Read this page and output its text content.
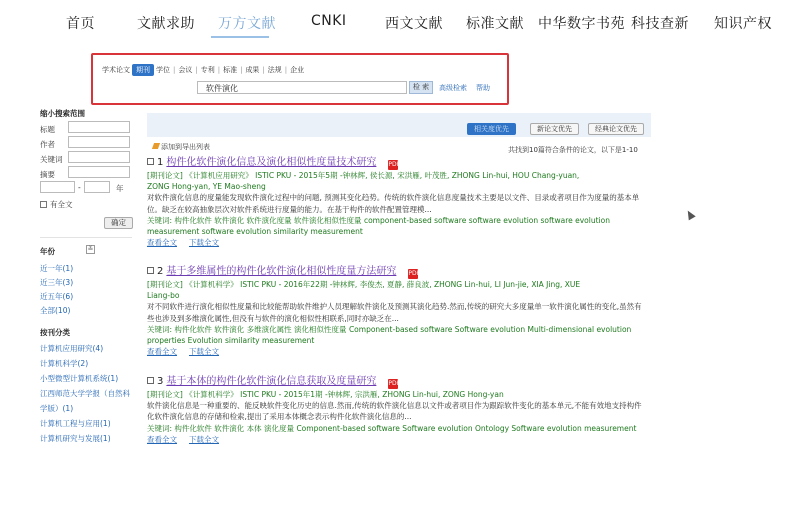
首页	文献求助 万方文献	CNKI	西文文献 标准文献 中华数字书苑 科技查新 知识产权
学术论文 期刊 学位 | 会议 | 专利 | 标准 | 成果 | 法规 | 企业
软件演化	检 索	高级检索 帮助
缩小搜索范围
标题
作者
关键词
摘要
-	年
有全文
确定
年份	≚
近一年(1)
近三年(3)
近五年(6)
全部(10)
按刊分类
计算机应用研究(4)
计算机科学(2)
小型微型计算机系统(1)
江西师范大学学报（自然科
学版）(1)
计算机工程与应用(1)
计算机研究与发展(1)
相关度优先	新论文优先	经典论文优先
添加到导出列表	共找到10篇符合条件的论文，以下是1-10
1 构件化软件演化信息及演化相似性度量技术研究 PDF
[期刊论文] 《计算机应用研究》 ISTIC PKU - 2015年5期 -钟林辉, 侯长源, 宋洪雁, 叶茂胜, ZHONG Lin-hui, HOU Chang-yuan,
ZONG Hong-yan, YE Mao-sheng
对软件演化信息的度量能发现软件演化过程中的问题, 预测其变化趋势。传统的软件演化信息度量技术主要是以文件、目录或者项目作为度量的基本单位。缺乏在较高抽象层次对软件系统进行度量的能力。在基于构件的软件配置管理模...
关键词: 构件化软件 软件演化 软件演化度量 软件演化相似性度量 component-based software software evolution software evolution measurement software evolution similarity measurement
查看全文 下载全文
2 基于多维属性的构件化软件演化相似性度量方法研究 PDF
[期刊论文] 《计算机科学》 ISTIC PKU - 2016年22期 -钟林辉, 李俊杰, 夏静, 薛良波, ZHONG Lin-hui, LI Jun-jie, XIA Jing, XUE
Liang-bo
对不同软件进行演化相似性度量和比较能帮助软件维护人员理解软件演化及预测其演化趋势.然而,传统的研究大多度量单一软件演化属性的变化,虽然有些也涉及到多维演化属性,但没有与软件的演化相似性相联系,同时亦缺乏在...
关键词: 构件化软件 软件演化 多维演化属性 演化相似性度量 Component-based software Software evolution Multi-dimensional evolution properties Evolution similarity measurement
查看全文 下载全文
3 基于本体的构件化软件演化信息获取及度量研究 PDF
[期刊论文] 《计算机科学》 ISTIC PKU - 2015年1期 -钟林辉, 宗洪雁, ZHONG Lin-hui, ZONG Hong-yan
软件演化信息是一种重要的、能反映软件变化历史的信息.然而,传统的软件演化信息以文件或者项目作为跟踪软件变化的基本单元,不能有效地支持构件化软件演化信息的存储和检索,提出了采用本体概念表示构件化软件演化信息的...
关键词: 构件化软件 软件演化 本体 演化度量 Component-based software Software evolution Ontology Software evolution measurement
查看全文 下载全文
